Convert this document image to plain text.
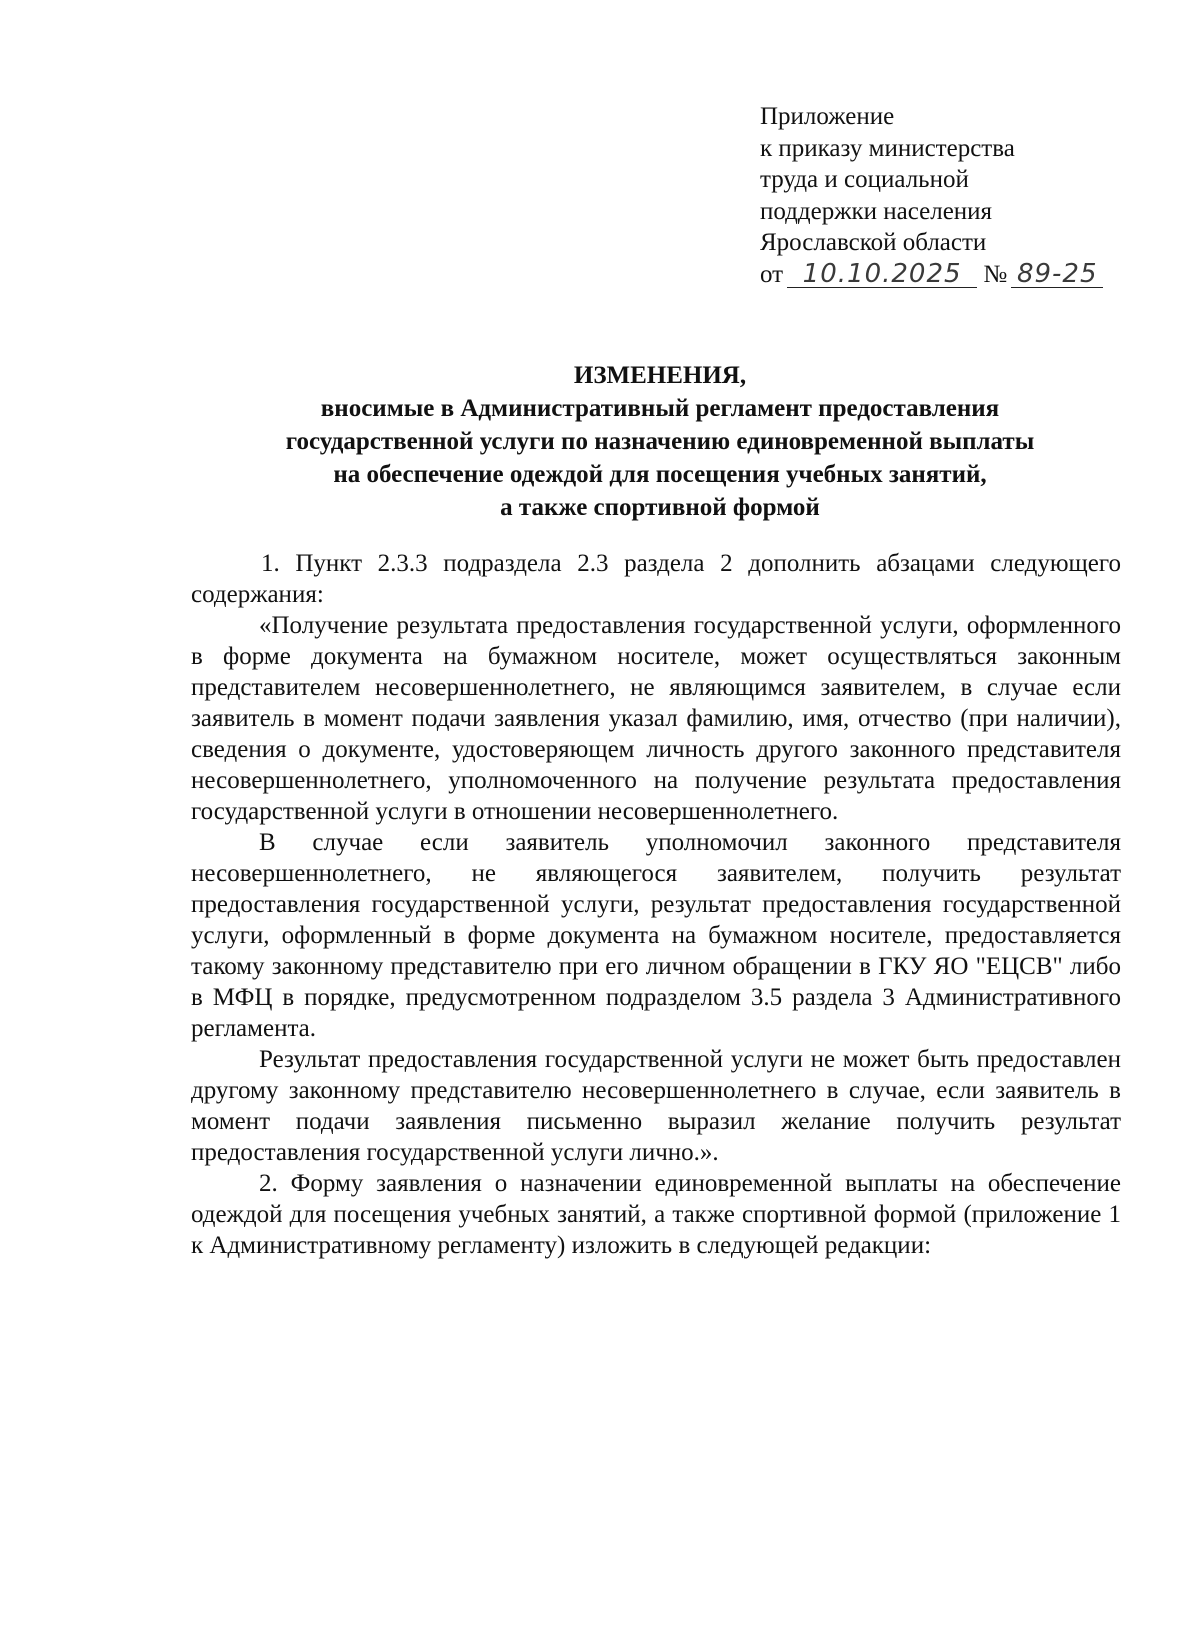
Приложение
к приказу министерства
труда и социальной
поддержки населения
Ярославской области
от 10.10.2025 № 89-25
ИЗМЕНЕНИЯ,
вносимые в Административный регламент предоставления
государственной услуги по назначению единовременной выплаты
на обеспечение одеждой для посещения учебных занятий,
а также спортивной формой

1. Пункт 2.3.3 подраздела 2.3 раздела 2 дополнить абзацами следующего содержания:

«Получение результата предоставления государственной услуги, оформленного в форме документа на бумажном носителе, может осуществляться законным представителем несовершеннолетнего, не являющимся заявителем, в случае если заявитель в момент подачи заявления указал фамилию, имя, отчество (при наличии), сведения о документе, удостоверяющем личность другого законного представителя несовершеннолетнего, уполномоченного на получение результата предоставления государственной услуги в отношении несовершеннолетнего.

В случае если заявитель уполномочил законного представителя несовершеннолетнего, не являющегося заявителем, получить результат предоставления государственной услуги, результат предоставления государственной услуги, оформленный в форме документа на бумажном носителе, предоставляется такому законному представителю при его личном обращении в ГКУ ЯО "ЕЦСВ" либо в МФЦ в порядке, предусмотренном подразделом 3.5 раздела 3 Административного регламента.

Результат предоставления государственной услуги не может быть предоставлен другому законному представителю несовершеннолетнего в случае, если заявитель в момент подачи заявления письменно выразил желание получить результат предоставления государственной услуги лично.».

2. Форму заявления о назначении единовременной выплаты на обеспечение одеждой для посещения учебных занятий, а также спортивной формой (приложение 1 к Административному регламенту) изложить в следующей редакции:
